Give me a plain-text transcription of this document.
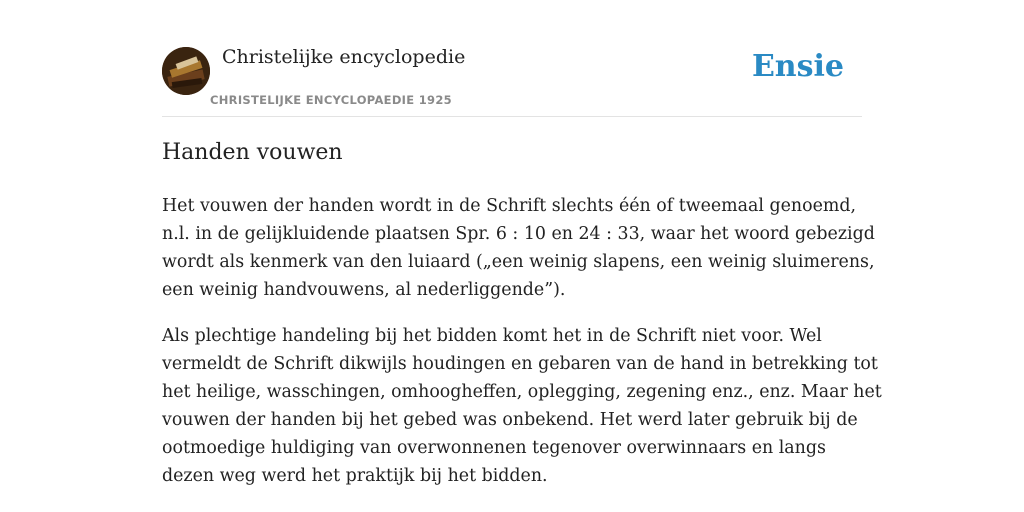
Christelijke encyclopedie
CHRISTELIJKE ENCYCLOPAEDIE 1925
Ensie
Handen vouwen

Het vouwen der handen wordt in de Schrift slechts één of tweemaal genoemd,
n.l. in de gelijkluidende plaatsen Spr. 6 : 10 en 24 : 33, waar het woord gebezigd
wordt als kenmerk van den luiaard („een weinig slapens, een weinig sluimerens,
een weinig handvouwens, al nederliggende”).

Als plechtige handeling bij het bidden komt het in de Schrift niet voor. Wel
vermeldt de Schrift dikwijls houdingen en gebaren van de hand in betrekking tot
het heilige, wasschingen, omhoogheffen, oplegging, zegening enz., enz. Maar het
vouwen der handen bij het gebed was onbekend. Het werd later gebruik bij de
ootmoedige huldiging van overwonnenen tegenover overwinnaars en langs
dezen weg werd het praktijk bij het bidden.
